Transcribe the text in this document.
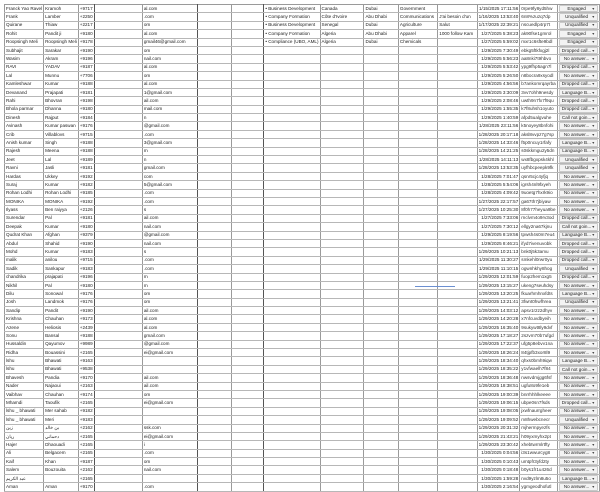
Franck Yao Ravel	Kramoh	+9717		al.com			• Business Development	Canada	Dubai	Government		1/15/2025 17:11:56	0rpe9fy8yd5hw	Engaged ▼

Frank	Lamber	+2250		.com			• Company Formation	Côte d'Ivoire	Abu Dhabi	Communications	J'ai besoin d'un	1/16/2025 13:53:40	6n8%zuzq7dp	Unqualified ▼

Quirane	Thiaw	+2217		om			• Business Development	Senegal	Dubai	Agriculture	Salut	1/17/2025 22:39:21	nscuedlp4rp7t	Unqualified ▼

Rohit	Pandit ji	+9180		al.com			• Company Formation	Algeria	Abu Dhabi	Apparel	1000 follow Kam	1/27/2025 5:38:23	ak90fse1gmrol	Engaged ▼

Roopsingh Meli	Roopsingh Meli	+9178		gmail46@gmail.com			• Compliance (UBO, AML)	Algeria	Dubai	Chemicals		1/27/2025 5:59:02	mxr1c6sfte9bdl	Engaged ▼

Subhajit	Sarakar	+9190		om								1/29/2025 7:30:49	ebkg5ftkfxgj2l	Dropped call... ▼

Wasim	Akram	+9196		nail.com								1/29/2025 5:56:23	aa8nki7t9hbvo	No answer... ▼

RAVI	YADAV	+9187		al.com								1/29/2025 5:53:42	ypg9fhp5agn7l	Dropped call... ▼

Lal	Munnu	+7706		om								1/29/2025 5:26:50	n8bocra9xsyodl	No answer... ▼

Kamleshwar	Kumar	+9188		al.com								1/29/2025 4:56:56	b7ankomrqayrba	Dropped call... ▼

Devanand	Prajapati	+9181		1@gmail.com								1/29/2025 3:30:09	3vv7ohh9nesdy	Language B... ▼

Rahi	Bhovran	+9198		ail.com								1/29/2025 2:08:46	uwth9n7fx7f9qu	Dropped call... ▼

Bhola parmar	Dhanna	+9180		mail.com								1/29/2025 1:55:35	k7f8uhsh1oyuto	Dropped call... ▼

Dinesh	Rajput	+9184		n								1/29/2025 1:40:59	afpd5ualgvuhe	Call not goin... ▼

Avinash	Kumar paswan	+9176		@gmail.com								1/28/2025 23:11:56	k5noyey8bnfohi	No answer... ▼

Crib	Villablovs	+9715		.com								1/28/2025 20:17:18	aksl8vvpz7g7sp	No answer... ▼

Anish kumar	Singh	+9188		3@gmail.com								1/28/2025 14:33:46	f5p0ncuy1rfafy	Language B... ▼

Rajesh	Meena	+9188		m								1/28/2025 14:21:25	s0skkmgu2y5dn	Language B... ▼

Jeet	Lal	+9189		n								1/28/2025 14:11:13	wx8fbgxpsk4khl	Unqualified ▼

Ravni	Jasli	+9181		gmail.com								1/28/2025 13:53:35	uyfhbcpeepk9fk	Unqualified ▼

Hardas	Ukkey	+9192		com								1/28/2025 7:01:47	qsnr5cjc4yfjq	No answer... ▼

Suraj	Kumar	+9182		5@gmail.com								1/28/2025 5:54:06	igrsh4nl9fxyeh	No answer... ▼

Rohan Lodhi	Rohan Lodhi	+9185		.com								1/28/2025 4:09:42	9uoetg7hxrk9io	No answer... ▼

MONIKA	MONIKA	+9192		.com								1/27/2025 22:17:57	ga67th7jbiyaw	No answer... ▼

Ilyass	Ben raiyya	+2126		s								1/27/2025 10:25:30	8f0h77heyua9be	No answer... ▼

Surendar	Pal	+9181		ail.com								1/27/2025 7:33:06	rnclvm4o9rv3od	Dropped call... ▼

Deepak	Kumar	+9180		nail.com								1/27/2025 7:30:12	ellgy2na67kjnu	Call not goin... ▼

Qudrat Khan	Afghan	+9379		@gmail.com								1/29/2025 8:19:56	tpwsh4s0m7eu4	Language B... ▼

Abdul	Shahid	+9190		nail.com								1/29/2025 8:46:21	ifyd7ivenuvobk	Dropped call... ▼

Mohd	Kumar	+9183		s								1/29/2025 10:21:13	bnk0j5k3amu	Dropped call... ▼

malik	anilou	+9715		.com								1/29/2025 11:30:27	smkehl0rwr0yu	Dropped call... ▼

Sadik	Sankapur	+9183		.com								1/29/2025 11:10:15	ogwnhkhy8hog	Unqualified ▼

chandrika	prajapati	+9196		m								1/29/2025 12:01:59	fuop2hem1xg5	Dropped call... ▼

Nikhil	Pal	+9180		m								1/29/2025 13:15:27	ukeng7seuhdsy	No answer... ▼

Dilu	Sonowal	+9176		om								1/29/2025 13:20:25	fkuarhmhnxfdts	Language B... ▼

Josh	Landmok	+9176		om								1/29/2025 13:21:41	3fwnt0hwfhrea	Unqualified ▼

Sandip	Pandit	+9190		ail.com								1/29/2025 14:03:12	apsv1r2z2dhyv	No answer... ▼

Krishna	Chauhan	+9173		al.com								1/29/2025 14:20:28	x7nfcuvdbyeih	No answer... ▼

Azene	Heliosis	+2439		al.com								1/29/2025 16:35:40	9sukywt8ly9dvf	No answer... ▼

Sonu	Bansal	+9188		gmail.com								1/29/2025 17:18:27	2szvm70b7ufgd	No answer... ▼

Hussaldin	Qayumov	+9989		@gmail.com								1/29/2025 17:22:37	ufg5p8ebvv1na	No answer... ▼

Ridha	Bouassini	+2165		ei@gmail.com								1/29/2025 18:26:24	84tjpfb3xor8l9	No answer... ▼

lshu	Bhawati	+9163										1/29/2025 18:34:40	qhxs0bmh9iqw	Language B... ▼

lshu	Bhawati	+9538										1/29/2025 18:35:22	y1vfwaelh7f84	Call not goin... ▼

Bhavesh	Pandia	+9170		ail.com								1/29/2025 18:36:48	nwsvdmjgg6fsf	No answer... ▼

Nader	Najaoui	+2163		ail.com								1/29/2025 18:38:51	ugfu8o9fe1eb	No answer... ▼

Vaibhav	Chauhan	+9174		om								1/29/2025 19:00:39	bnrrhhhlkeeee	No answer... ▼

Mhamdi	Taoufik	+2165		ei@gmail.com								1/29/2025 19:06:15	ubpe0sn7fsds	Dropped call... ▼

lshu _ bhawati	Mer sahab	+9182										1/29/2025 19:08:05	jxwfnaurrgheer	No answer... ▼

lshu _ bhawati	Meri	+9183										1/29/2025 19:09:52	m8hwebcnecr	Unqualified ▼

زين	بن خالد	+2162		ssk.com								1/29/2025 20:31:32	mjhermpyezfs	No answer... ▼

ريان	دحماني	+2165		ei@gmail.com								1/29/2025 21:43:21	h09yxmyhx2pt	No answer... ▼

Hajer	Dhaouadi	+2165		i								1/29/2025 23:30:42	xhebtwrmlrtfty	No answer... ▼

Ali	Belgacem	+2165		.com								1/30/2025 0:04:56	i3s1wwurcyg8	No answer... ▼

Kaif	Khan	+9187		om								1/30/2025 0:10:43	umtpfr3yfd2ty	No answer... ▼

Salem	Bouzouita	+2162		nail.com								1/30/2025 0:18:48	b0ys1fr1u426d	No answer... ▼

عبد الكريم		+2165										1/30/2025 1:59:28	nvd9yzlm8u5o	Language B... ▼

Aman	Aman	+9170		.com								1/30/2025 2:16:54	ygmgeodhofutl	No answer... ▼
